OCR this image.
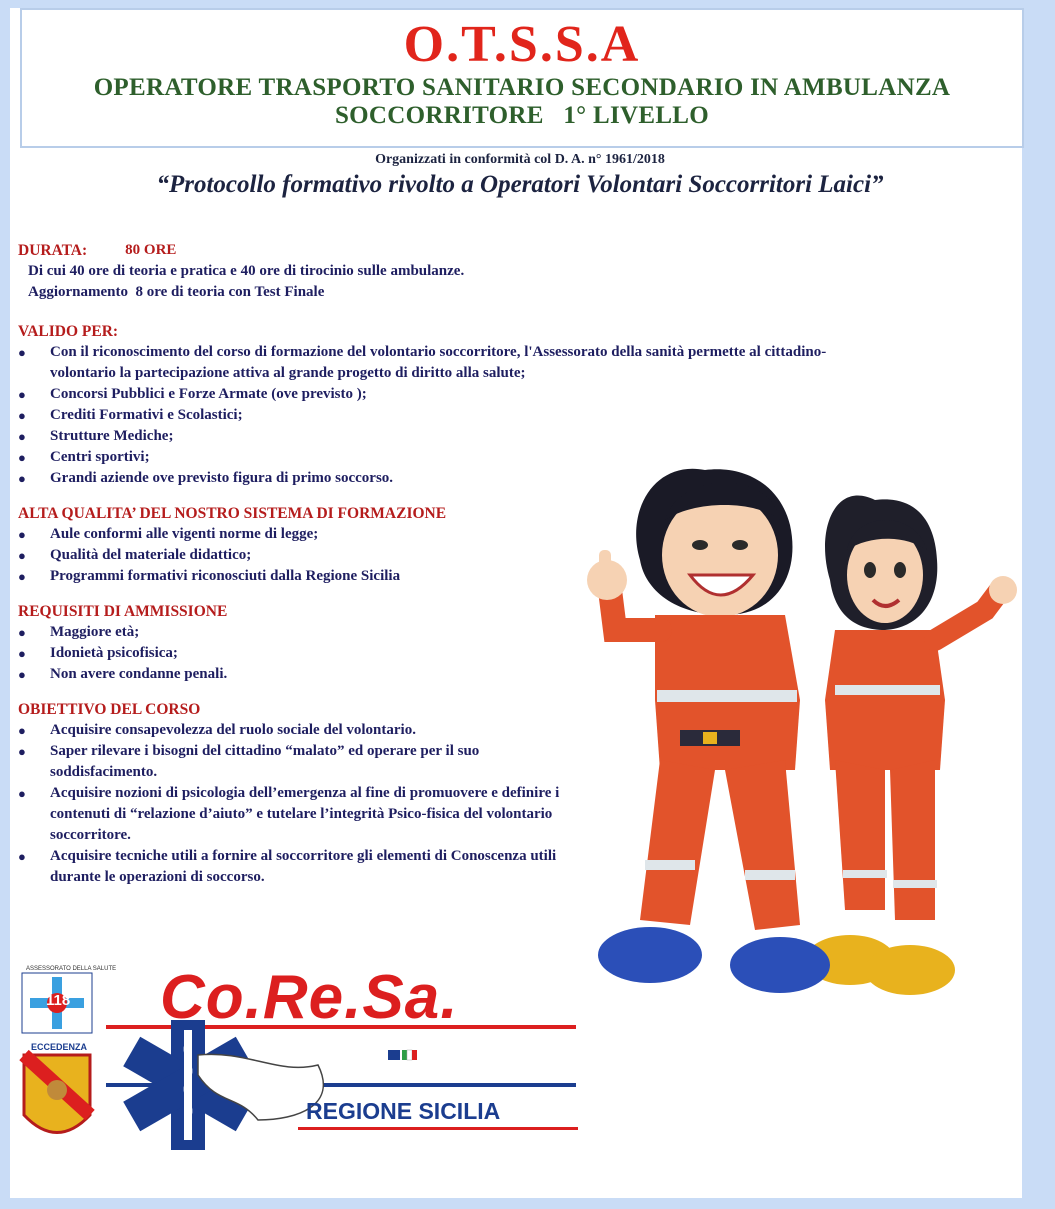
O.T.S.S.A
OPERATORE TRASPORTO SANITARIO SECONDARIO IN AMBULANZA
SOCCORRITORE   1° LIVELLO
Organizzati in conformità col D. A. n° 1961/2018
“Protocollo formativo rivolto a Operatori Volontari Soccorritori Laici”
DURATA:	80 ORE
Di cui 40 ore di teoria e pratica e 40 ore di tirocinio sulle ambulanze.
Aggiornamento  8 ore di teoria con Test Finale
VALIDO PER:
● Con il riconoscimento del corso di formazione del volontario soccorritore, l'Assessorato della sanità permette al cittadino-volontario la partecipazione attiva al grande progetto di diritto alla salute;
● Concorsi Pubblici e Forze Armate (ove previsto );
● Crediti Formativi e Scolastici;
● Strutture Mediche;
● Centri sportivi;
● Grandi aziende ove previsto figura di primo soccorso.
ALTA QUALITA’ DEL NOSTRO SISTEMA DI FORMAZIONE
● Aule conformi alle vigenti norme di legge;
● Qualità del materiale didattico;
● Programmi formativi riconosciuti dalla Regione Sicilia
REQUISITI DI AMMISSIONE
● Maggiore età;
● Idonietà psicofisica;
● Non avere condanne penali.
OBIETTIVO DEL CORSO
● Acquisire consapevolezza del ruolo sociale del volontario.
● Saper rilevare i bisogni del cittadino “malato” ed operare per il suo soddisfacimento.
● Acquisire nozioni di psicologia dell’emergenza al fine di promuovere e definire i contenuti di “relazione d’aiuto” e tutelare l’integrità Psico-fisica del volontario soccorritore.
● Acquisire tecniche utili a fornire al soccorritore gli elementi di Conoscenza utili durante le operazioni di soccorso.
ASSESSORATO DELLA SALUTE
ECCEDENZA
118 Co.Re.Sa.
REGIONE SICILIA
